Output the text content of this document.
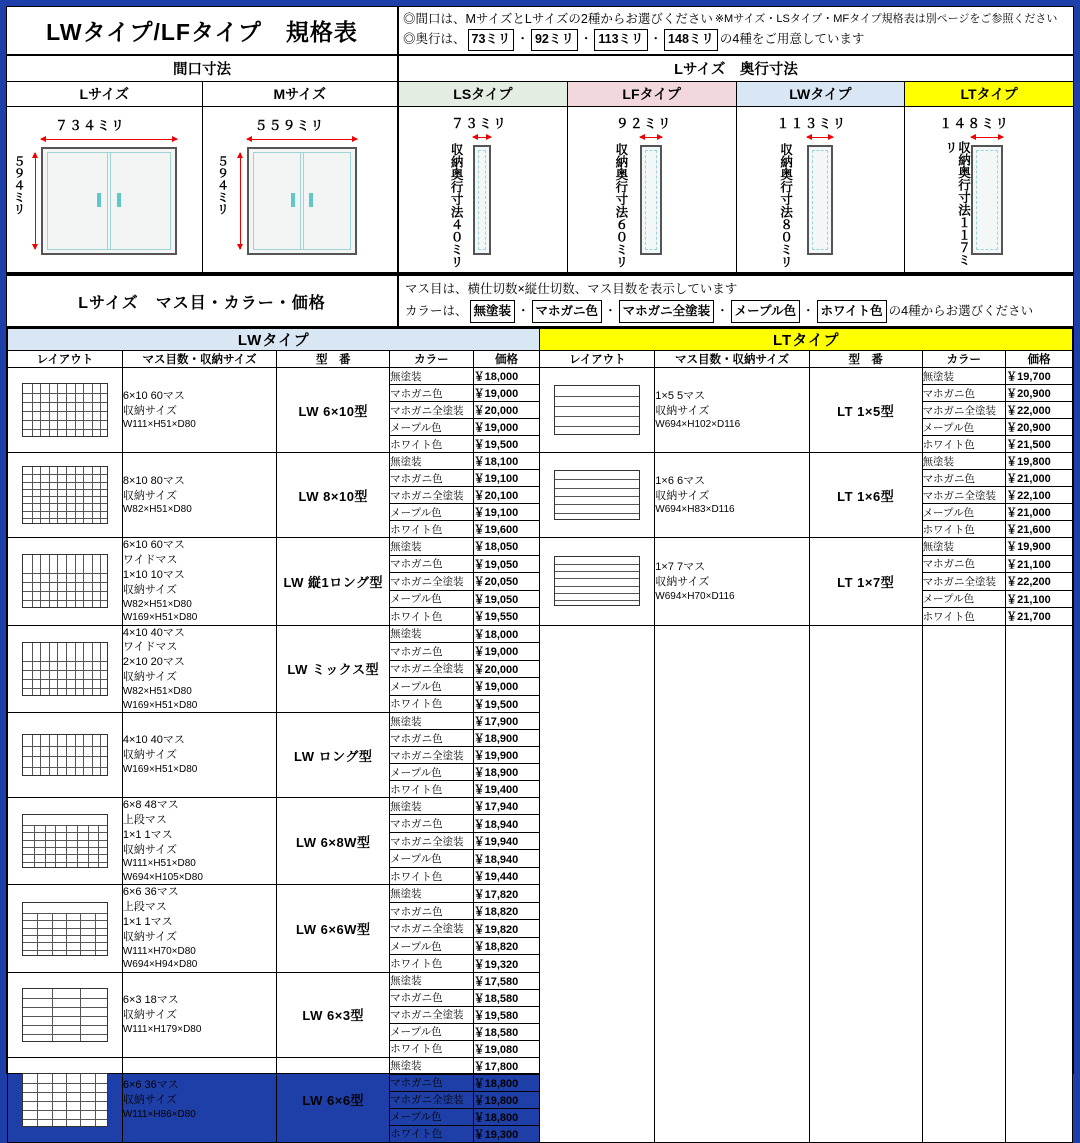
LWタイプ/LFタイプ　規格表	◎間口は、MサイズとLサイズの2種からお選びください ※Mサイズ・LSタイプ・MFタイプ規格表は別ページをご参照ください
◎奥行は、 73ミリ ・ 92ミリ ・ 113ミリ ・ 148ミリ の4種をご用意しています
間口寸法
Lサイズ	Mサイズ
７３４ミリ
５９４ミリ
５５９ミリ
５９４ミリ
Lサイズ　奥行寸法
LSタイプ	LFタイプ	LWタイプ	LTタイプ
７３ミリ
収納奥行寸法４０ミリ
９２ミリ
収納奥行寸法６０ミリ
１１３ミリ
収納奥行寸法８０ミリ
１４８ミリ
収納奥行寸法１１７ミリ
Lサイズ　マス目・カラー・価格
マス目は、横仕切数×縦仕切数、マス目数を表示しています
カラーは、 無塗装 ・ マホガニ色 ・ マホガニ全塗装 ・ メープル色 ・ ホワイト色 の4種からお選びください
LWタイプ					LTタイプ				
レイアウト	マス目数・収納サイズ	型　番	カラー	価格	レイアウト	マス目数・収納サイズ	型　番	カラー	価格

6×10 60マス
収納サイズ
W111×H51×D80
	LW 6×10型	無塗装	￥18,000	

1×5 5マス
収納サイズ
W694×H102×D116
	LT 1×5型	無塗装	￥19,700
			マホガニ色	￥19,000				マホガニ色	￥20,900
			マホガニ全塗装	￥20,000				マホガニ全塗装	￥22,000
			メープル色	￥19,000				メープル色	￥20,900
			ホワイト色	￥19,500				ホワイト色	￥21,500

8×10 80マス
収納サイズ
W82×H51×D80
	LW 8×10型	無塗装	￥18,100	

1×6 6マス
収納サイズ
W694×H83×D116
	LT 1×6型	無塗装	￥19,800
			マホガニ色	￥19,100				マホガニ色	￥21,000
			マホガニ全塗装	￥20,100				マホガニ全塗装	￥22,100
			メープル色	￥19,100				メープル色	￥21,000
			ホワイト色	￥19,600				ホワイト色	￥21,600

6×10 60マス
ワイドマス
1×10 10マス
収納サイズ
W82×H51×D80
W169×H51×D80
	LW 縦1ロング型	無塗装	￥18,050	

1×7 7マス
収納サイズ
W694×H70×D116
	LT 1×7型	無塗装	￥19,900
			マホガニ色	￥19,050				マホガニ色	￥21,100
			マホガニ全塗装	￥20,050				マホガニ全塗装	￥22,200
			メープル色	￥19,050				メープル色	￥21,100
			ホワイト色	￥19,550				ホワイト色	￥21,700

4×10 40マス
ワイドマス
2×10 20マス
収納サイズ
W82×H51×D80
W169×H51×D80
	LW ミックス型	無塗装	￥18,000					
			マホガニ色	￥19,000					
			マホガニ全塗装	￥20,000					
			メープル色	￥19,000					
			ホワイト色	￥19,500					

	4×10 40マス
収納サイズ
W169×H51×D80	LW ロング型	無塗装	￥17,900					
			マホガニ色	￥18,900					
			マホガニ全塗装	￥19,900					
			メープル色	￥18,900					
			ホワイト色	￥19,400					

6×8 48マス
上段マス
1×1 1マス
収納サイズ
W111×H51×D80
W694×H105×D80
	LW 6×8W型	無塗装	￥17,940
			マホガニ色	￥18,940					
			マホガニ全塗装	￥19,940					
			メープル色	￥18,940					
			ホワイト色	￥19,440					

6×6 36マス
上段マス
1×1 1マス
収納サイズ
W111×H70×D80
W694×H94×D80
	LW 6×6W型	無塗装	￥17,820
			マホガニ色	￥18,820					
			マホガニ全塗装	￥19,820					
			メープル色	￥18,820					
			ホワイト色	￥19,320					

	6×3 18マス
収納サイズ
W111×H179×D80	LW 6×3型	無塗装	￥17,580					
			マホガニ色	￥18,580					
			マホガニ全塗装	￥19,580					
			メープル色	￥18,580					
			ホワイト色	￥19,080					

	6×6 36マス
収納サイズ
W111×H86×D80	LW 6×6型	無塗装	￥17,800					
			マホガニ色	￥18,800					
			マホガニ全塗装	￥19,800					
			メープル色	￥18,800					
			ホワイト色	￥19,300					
